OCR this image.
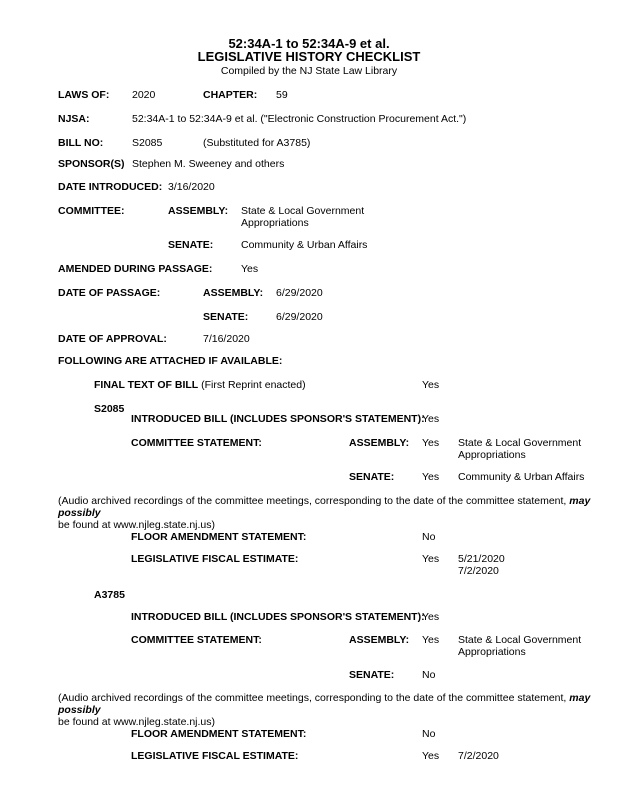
52:34A-1 to 52:34A-9 et al.
LEGISLATIVE HISTORY CHECKLIST
Compiled by the NJ State Law Library
LAWS OF: 2020	CHAPTER: 59
NJSA:	52:34A-1 to 52:34A-9 et al. ("Electronic Construction Procurement Act.")
BILL NO:	S2085	(Substituted for A3785)
SPONSOR(S) Stephen M. Sweeney and others
DATE INTRODUCED: 3/16/2020
COMMITTEE:	ASSEMBLY: State & Local Government
Appropriations
SENATE:	Community & Urban Affairs
AMENDED DURING PASSAGE:	Yes
DATE OF PASSAGE:	ASSEMBLY: 6/29/2020
SENATE:	6/29/2020
DATE OF APPROVAL:	7/16/2020
FOLLOWING ARE ATTACHED IF AVAILABLE:
FINAL TEXT OF BILL (First Reprint enacted)	Yes
S2085
INTRODUCED BILL (INCLUDES SPONSOR'S STATEMENT):
Yes
COMMITTEE STATEMENT:	ASSEMBLY: Yes State & Local Government
Appropriations
SENATE:	Yes Community & Urban Affairs
(Audio archived recordings of the committee meetings, corresponding to the date of the committee statement, may possibly
be found at www.njleg.state.nj.us)
FLOOR AMENDMENT STATEMENT:	No
LEGISLATIVE FISCAL ESTIMATE:	Yes 5/21/2020
7/2/2020
A3785
INTRODUCED BILL (INCLUDES SPONSOR'S STATEMENT):
Yes
COMMITTEE STATEMENT:	ASSEMBLY: Yes State & Local Government
Appropriations
SENATE:	No
(Audio archived recordings of the committee meetings, corresponding to the date of the committee statement, may possibly
be found at www.njleg.state.nj.us)
FLOOR AMENDMENT STATEMENT:	No
LEGISLATIVE FISCAL ESTIMATE:	Yes 7/2/2020
